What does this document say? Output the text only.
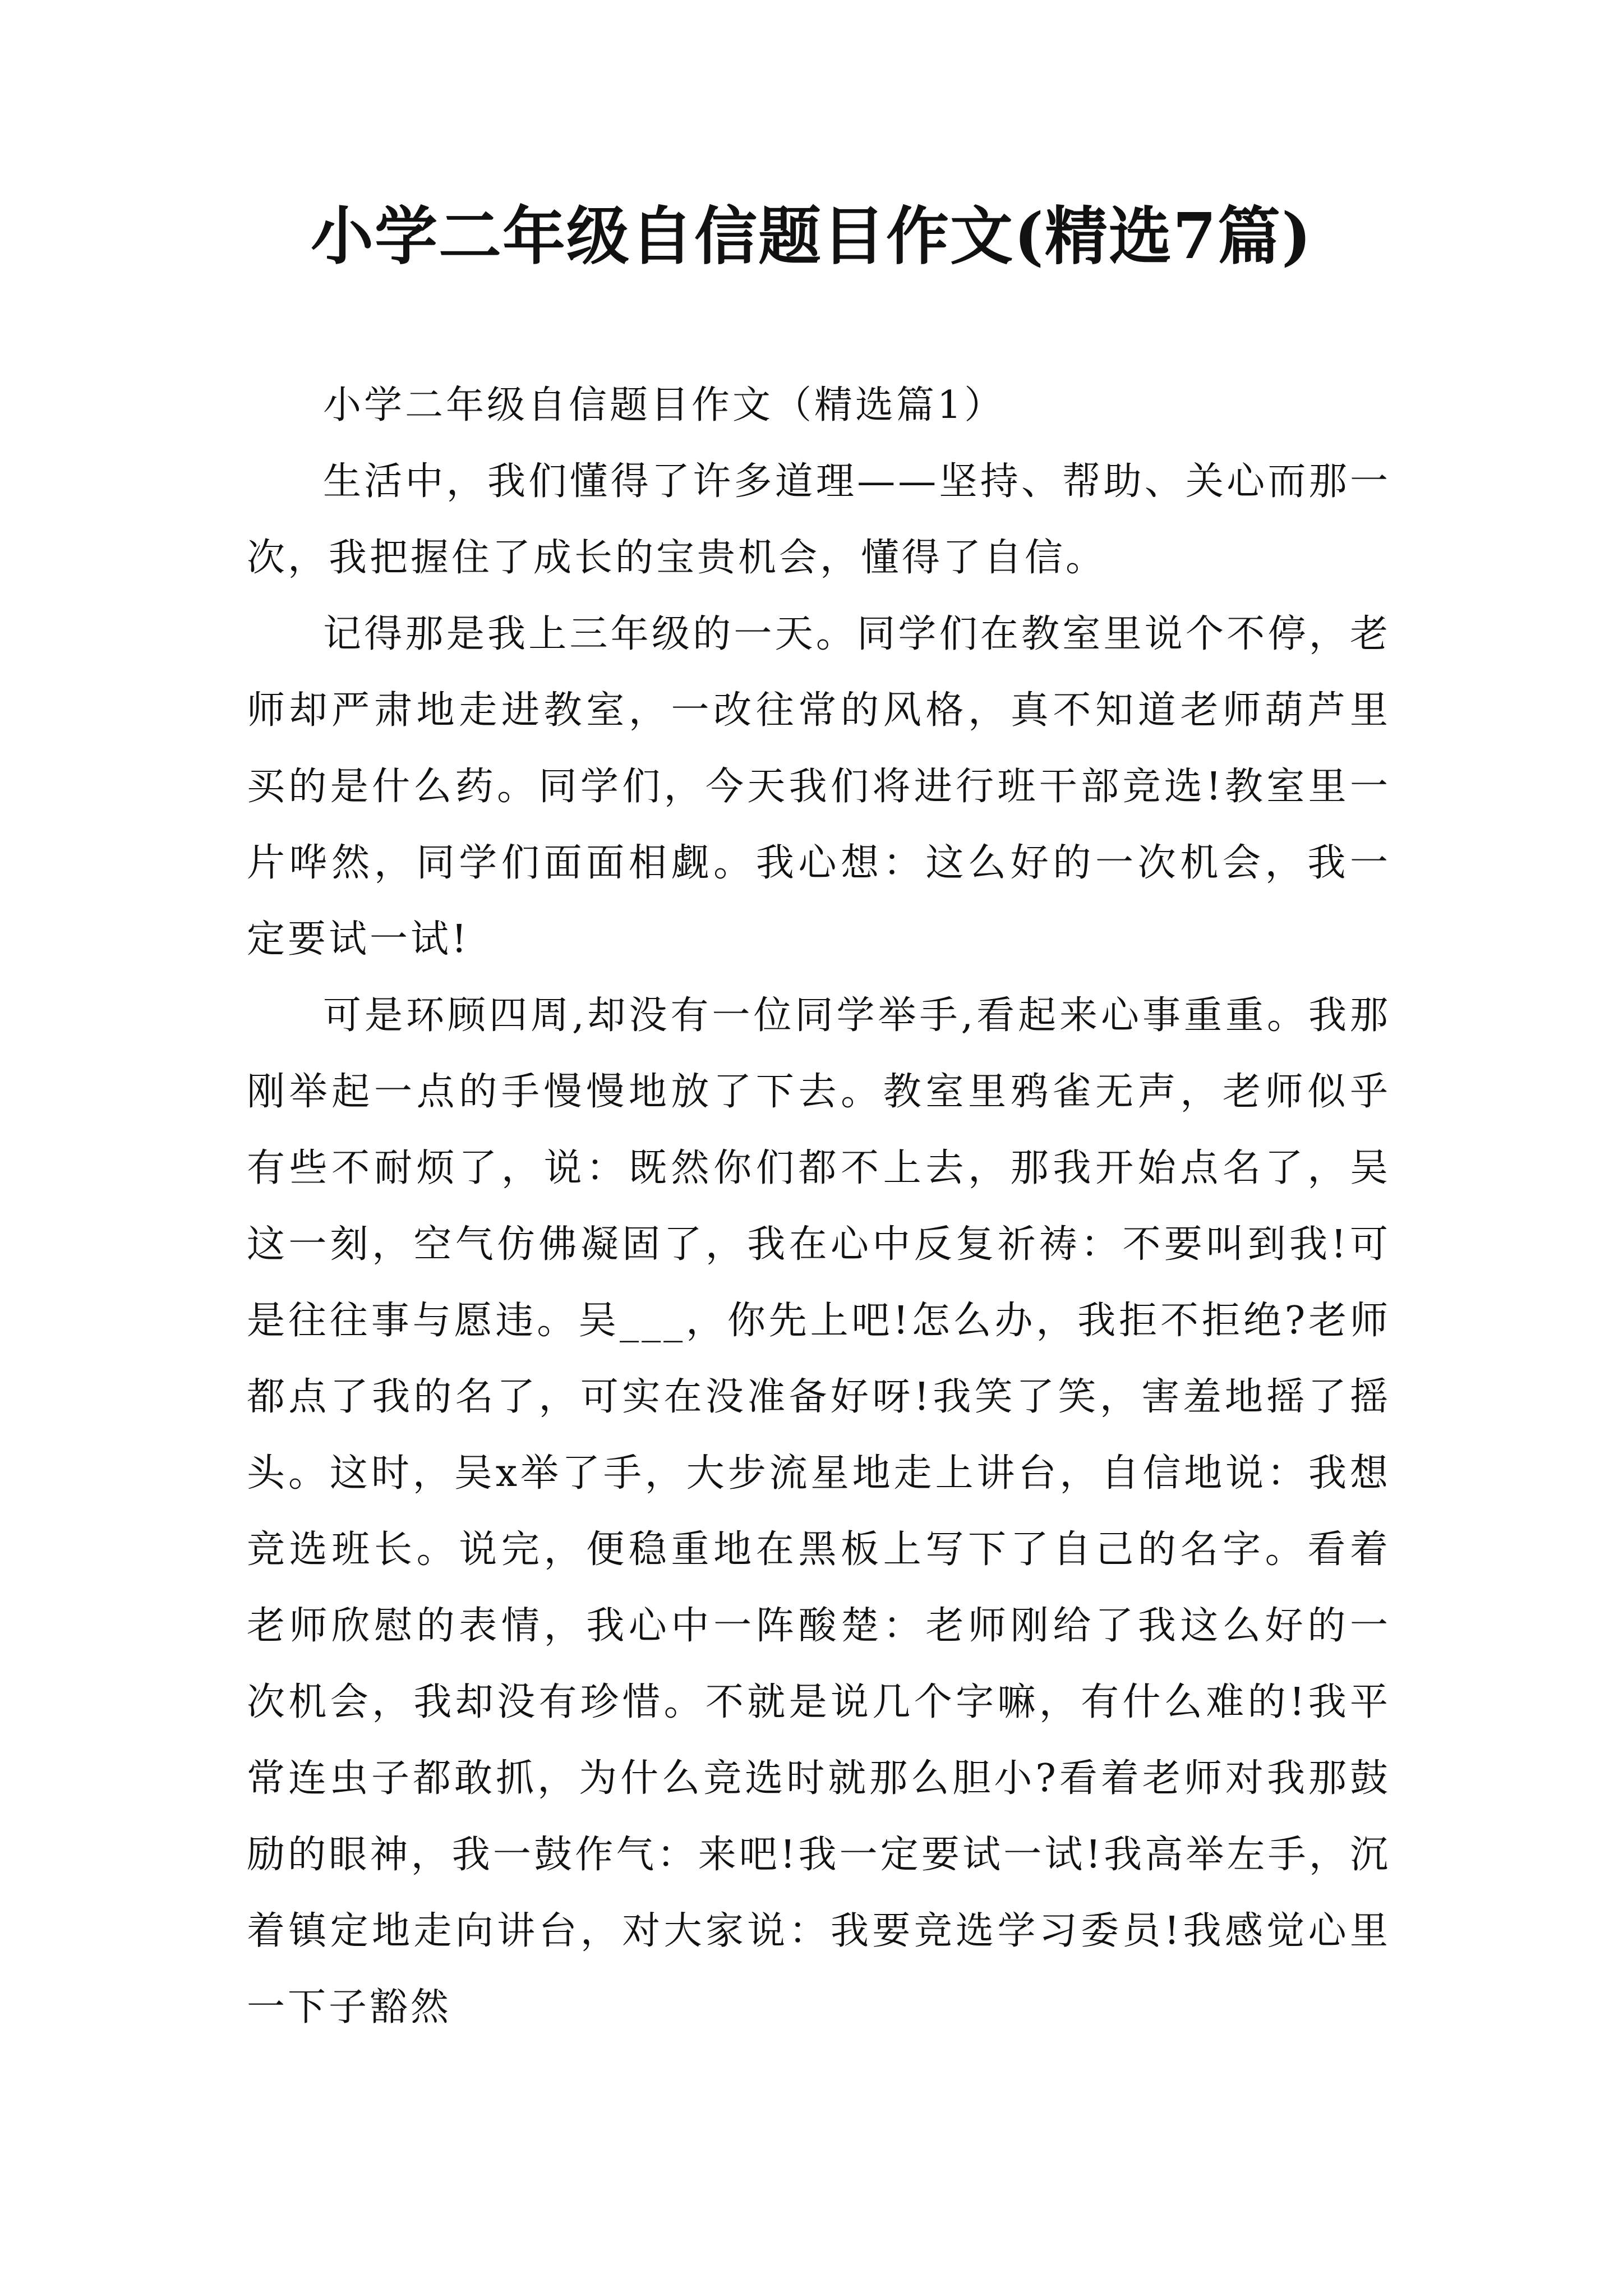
小学二年级自信题目作文(精选7篇)

小学二年级自信题目作文（精选篇1）

生活中，我们懂得了许多道理——坚持、帮助、关心而那一次，我把握住了成长的宝贵机会，懂得了自信。

记得那是我上三年级的一天。同学们在教室里说个不停，老师却严肃地走进教室，一改往常的风格，真不知道老师葫芦里买的是什么药。同学们，今天我们将进行班干部竞选!教室里一片哗然，同学们面面相觑。我心想：这么好的一次机会，我一定要试一试!

可是环顾四周,却没有一位同学举手,看起来心事重重。我那刚举起一点的手慢慢地放了下去。教室里鸦雀无声，老师似乎有些不耐烦了，说：既然你们都不上去，那我开始点名了，吴这一刻，空气仿佛凝固了，我在心中反复祈祷：不要叫到我!可是往往事与愿违。吴___，你先上吧!怎么办，我拒不拒绝?老师都点了我的名了，可实在没准备好呀!我笑了笑，害羞地摇了摇头。这时，吴x举了手，大步流星地走上讲台，自信地说：我想竞选班长。说完，便稳重地在黑板上写下了自己的名字。看着老师欣慰的表情，我心中一阵酸楚：老师刚给了我这么好的一次机会，我却没有珍惜。不就是说几个字嘛，有什么难的!我平常连虫子都敢抓，为什么竞选时就那么胆小?看着老师对我那鼓励的眼神，我一鼓作气：来吧!我一定要试一试!我高举左手，沉着镇定地走向讲台，对大家说：我要竞选学习委员!我感觉心里一下子豁然
